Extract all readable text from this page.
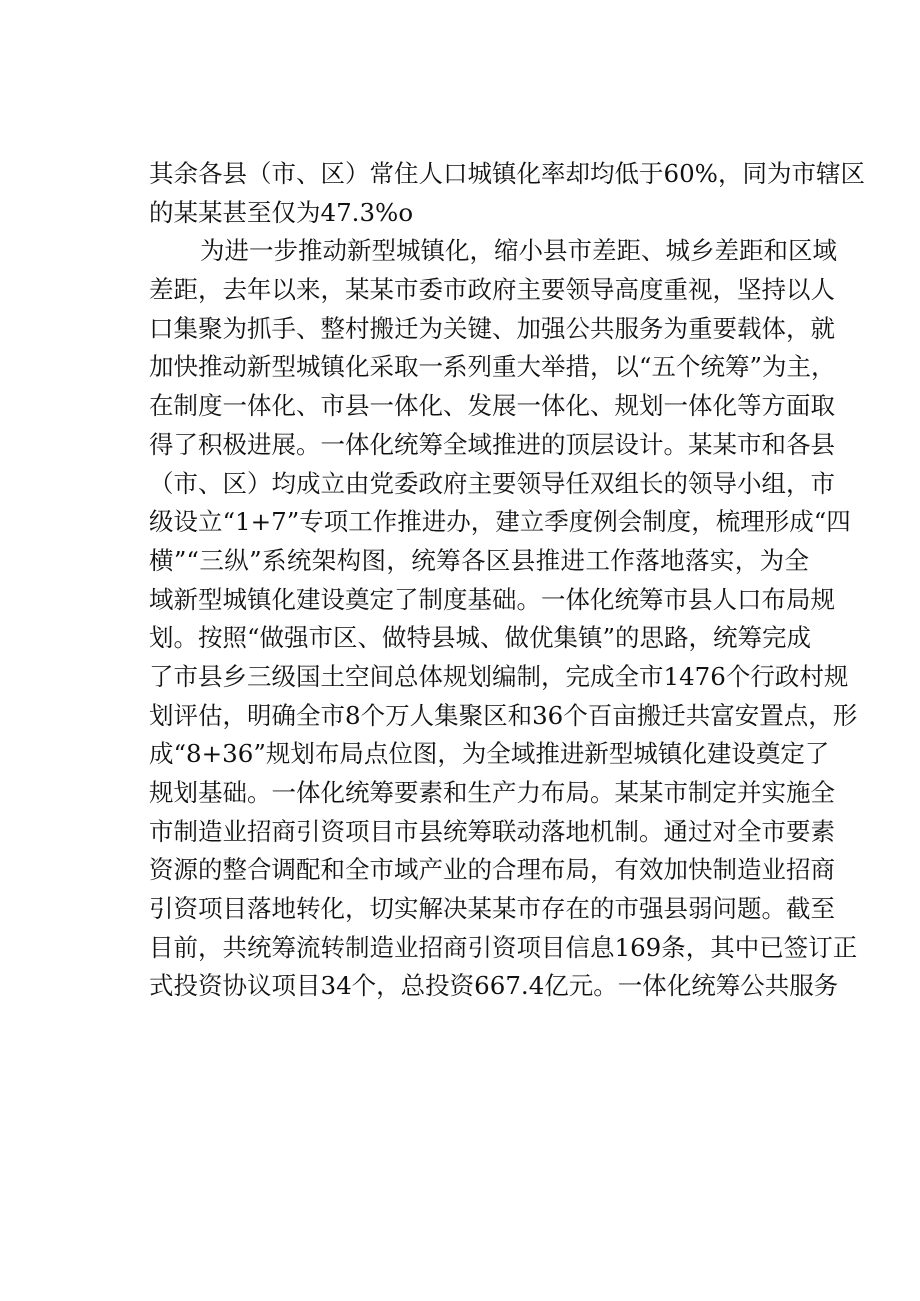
其余各县（市、区）常住人口城镇化率却均低于60%，同为市辖区
的某某甚至仅为47.3%o
为进一步推动新型城镇化，缩小县市差距、城乡差距和区域
差距，去年以来，某某市委市政府主要领导高度重视，坚持以人
口集聚为抓手、整村搬迁为关键、加强公共服务为重要载体，就
加快推动新型城镇化采取一系列重大举措，以“五个统筹”为主，
在制度一体化、市县一体化、发展一体化、规划一体化等方面取
得了积极进展。一体化统筹全域推进的顶层设计。某某市和各县
（市、区）均成立由党委政府主要领导任双组长的领导小组，市
级设立“1+7”专项工作推进办，建立季度例会制度，梳理形成“四
横”“三纵”系统架构图，统筹各区县推进工作落地落实，为全
域新型城镇化建设奠定了制度基础。一体化统筹市县人口布局规
划。按照“做强市区、做特县城、做优集镇”的思路，统筹完成
了市县乡三级国土空间总体规划编制，完成全市1476个行政村规
划评估，明确全市8个万人集聚区和36个百亩搬迁共富安置点，形
成“8+36”规划布局点位图，为全域推进新型城镇化建设奠定了
规划基础。一体化统筹要素和生产力布局。某某市制定并实施全
市制造业招商引资项目市县统筹联动落地机制。通过对全市要素
资源的整合调配和全市域产业的合理布局，有效加快制造业招商
引资项目落地转化，切实解决某某市存在的市强县弱问题。截至
目前，共统筹流转制造业招商引资项目信息169条，其中已签订正
式投资协议项目34个，总投资667.4亿元。一体化统筹公共服务
